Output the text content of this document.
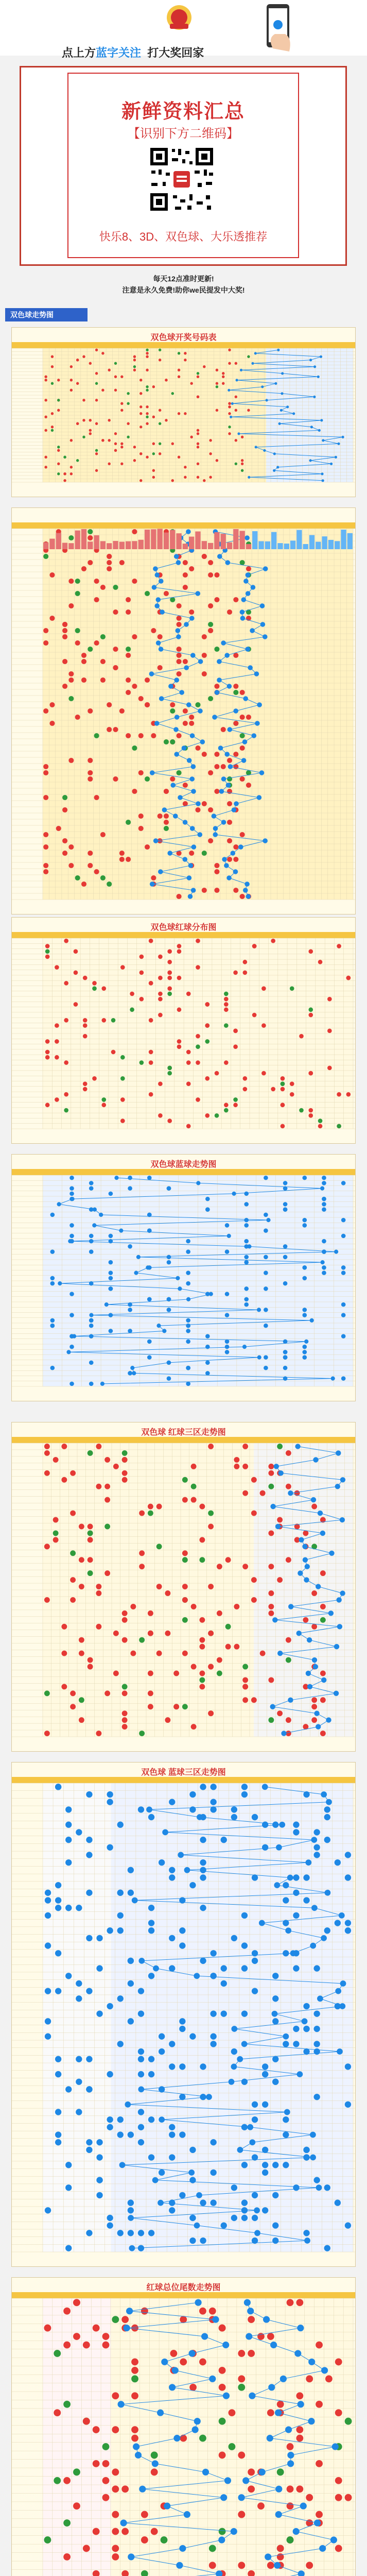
点上方蓝字关注 打大奖回家
新鲜资料汇总
【识别下方二维码】
快乐8、3D、双色球、大乐透推荐
每天12点准时更新!
注意是永久免费!助你we民提发中大奖!
双色球走势图
双色球开奖号码表
双色球红球分布图
双色球蓝球走势图
双色球 红球三区走势图
双色球 蓝球三区走势图
红球总位尾数走势图
